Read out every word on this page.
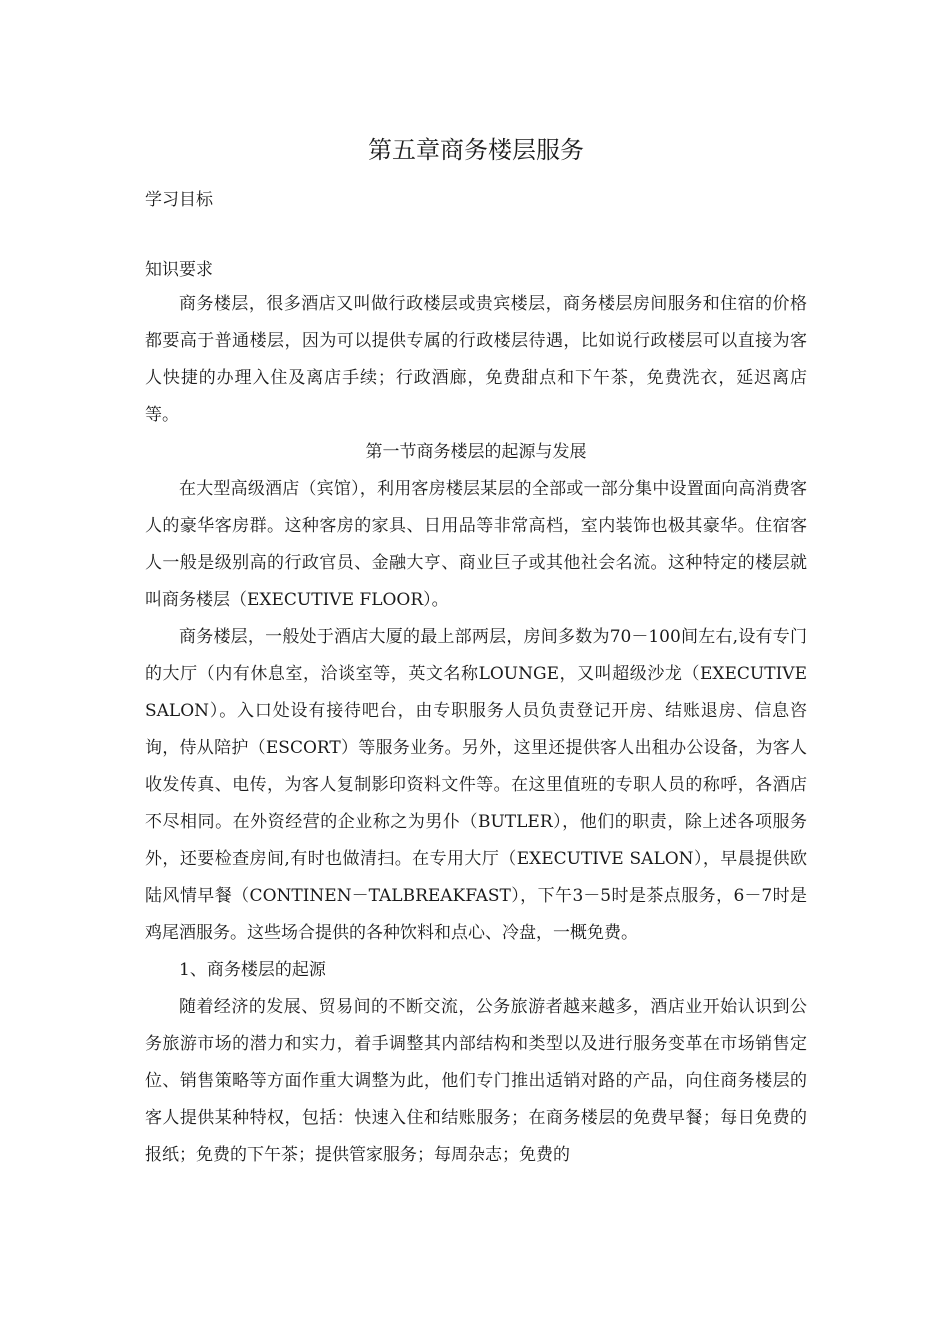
第五章商务楼层服务
学习目标
知识要求

商务楼层，很多酒店又叫做行政楼层或贵宾楼层，商务楼层房间服务和住宿的价格都要高于普通楼层，因为可以提供专属的行政楼层待遇，比如说行政楼层可以直接为客人快捷的办理入住及离店手续；行政酒廊，免费甜点和下午茶，免费洗衣，延迟离店等。

第一节商务楼层的起源与发展

在大型高级酒店（宾馆），利用客房楼层某层的全部或一部分集中设置面向高消费客人的豪华客房群。这种客房的家具、日用品等非常高档，室内装饰也极其豪华。住宿客人一般是级别高的行政官员、金融大亨、商业巨子或其他社会名流。这种特定的楼层就叫商务楼层（EXECUTIVE FLOOR）。

商务楼层，一般处于酒店大厦的最上部两层，房间多数为70－100间左右,设有专门的大厅（内有休息室，洽谈室等，英文名称LOUNGE，又叫超级沙龙（EXECUTIVE SALON）。入口处设有接待吧台，由专职服务人员负责登记开房、结账退房、信息咨询，侍从陪护（ESCORT）等服务业务。另外，这里还提供客人出租办公设备，为客人收发传真、电传，为客人复制影印资料文件等。在这里值班的专职人员的称呼，各酒店不尽相同。在外资经营的企业称之为男仆（BUTLER），他们的职责，除上述各项服务外，还要检查房间,有时也做清扫。在专用大厅（EXECUTIVE SALON），早晨提供欧陆风情早餐（CONTINEN－TALBREAKFAST），下午3－5时是茶点服务，6－7时是鸡尾酒服务。这些场合提供的各种饮料和点心、冷盘，一概免费。

1、商务楼层的起源

随着经济的发展、贸易间的不断交流，公务旅游者越来越多，酒店业开始认识到公务旅游市场的潜力和实力，着手调整其内部结构和类型以及进行服务变革在市场销售定位、销售策略等方面作重大调整为此，他们专门推出适销对路的产品，向住商务楼层的客人提供某种特权，包括：快速入住和结账服务；在商务楼层的免费早餐；每日免费的报纸；免费的下午茶；提供管家服务；每周杂志；免费的
